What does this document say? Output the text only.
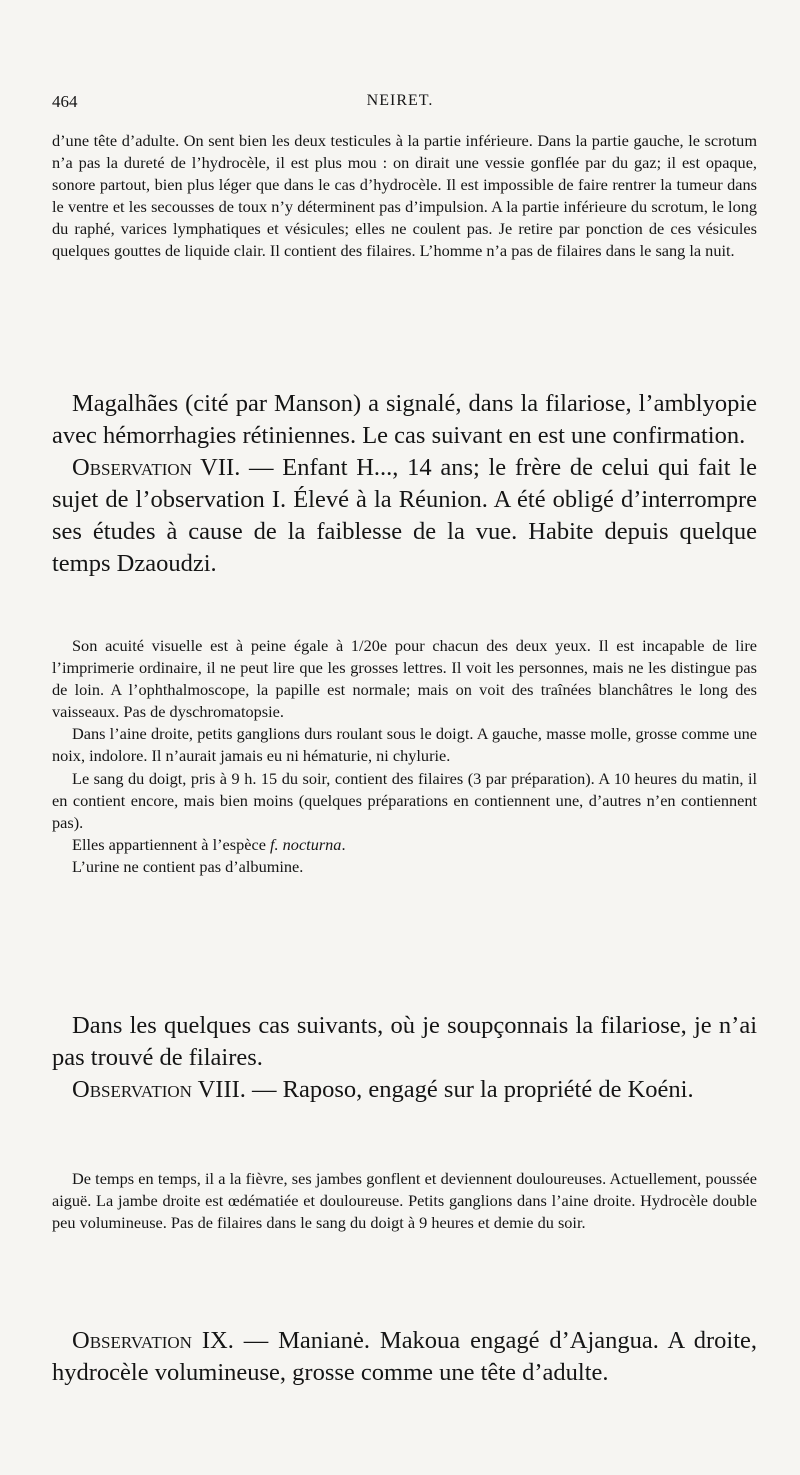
464	NEIRET.

d’une tête d’adulte. On sent bien les deux testicules à la partie inférieure. Dans la partie gauche, le scrotum n’a pas la dureté de l’hydrocèle, il est plus mou : on dirait une vessie gonflée par du gaz; il est opaque, sonore partout, bien plus léger que dans le cas d’hydrocèle. Il est impossible de faire rentrer la tumeur dans le ventre et les secousses de toux n’y déterminent pas d’impulsion. A la partie inférieure du scrotum, le long du raphé, varices lymphatiques et vésicules; elles ne coulent pas. Je retire par ponction de ces vésicules quelques gouttes de liquide clair. Il contient des filaires. L’homme n’a pas de filaires dans le sang la nuit.

Magalhães (cité par Manson) a signalé, dans la filariose, l’amblyopie avec hémorrhagies rétiniennes. Le cas suivant en est une confirmation.

Observation VII. — Enfant H..., 14 ans; le frère de celui qui fait le sujet de l’observation I. Élevé à la Réunion. A été obligé d’interrompre ses études à cause de la faiblesse de la vue. Habite depuis quelque temps Dzaoudzi.

Son acuité visuelle est à peine égale à 1/20e pour chacun des deux yeux. Il est incapable de lire l’imprimerie ordinaire, il ne peut lire que les grosses lettres. Il voit les personnes, mais ne les distingue pas de loin. A l’ophthalmoscope, la papille est normale; mais on voit des traînées blanchâtres le long des vaisseaux. Pas de dyschromatopsie.

Dans l’aine droite, petits ganglions durs roulant sous le doigt. A gauche, masse molle, grosse comme une noix, indolore. Il n’aurait jamais eu ni hématurie, ni chylurie.

Le sang du doigt, pris à 9 h. 15 du soir, contient des filaires (3 par préparation). A 10 heures du matin, il en contient encore, mais bien moins (quelques préparations en contiennent une, d’autres n’en contiennent pas).

Elles appartiennent à l’espèce f. nocturna.

L’urine ne contient pas d’albumine.

Dans les quelques cas suivants, où je soupçonnais la filariose, je n’ai pas trouvé de filaires.

Observation VIII. — Raposo, engagé sur la propriété de Koéni.

De temps en temps, il a la fièvre, ses jambes gonflent et deviennent douloureuses. Actuellement, poussée aiguë. La jambe droite est œdématiée et douloureuse. Petits ganglions dans l’aine droite. Hydrocèle double peu volumineuse. Pas de filaires dans le sang du doigt à 9 heures et demie du soir.

Observation IX. — Manianė. Makoua engagé d’Ajangua. A droite, hydrocèle volumineuse, grosse comme une tête d’adulte.
